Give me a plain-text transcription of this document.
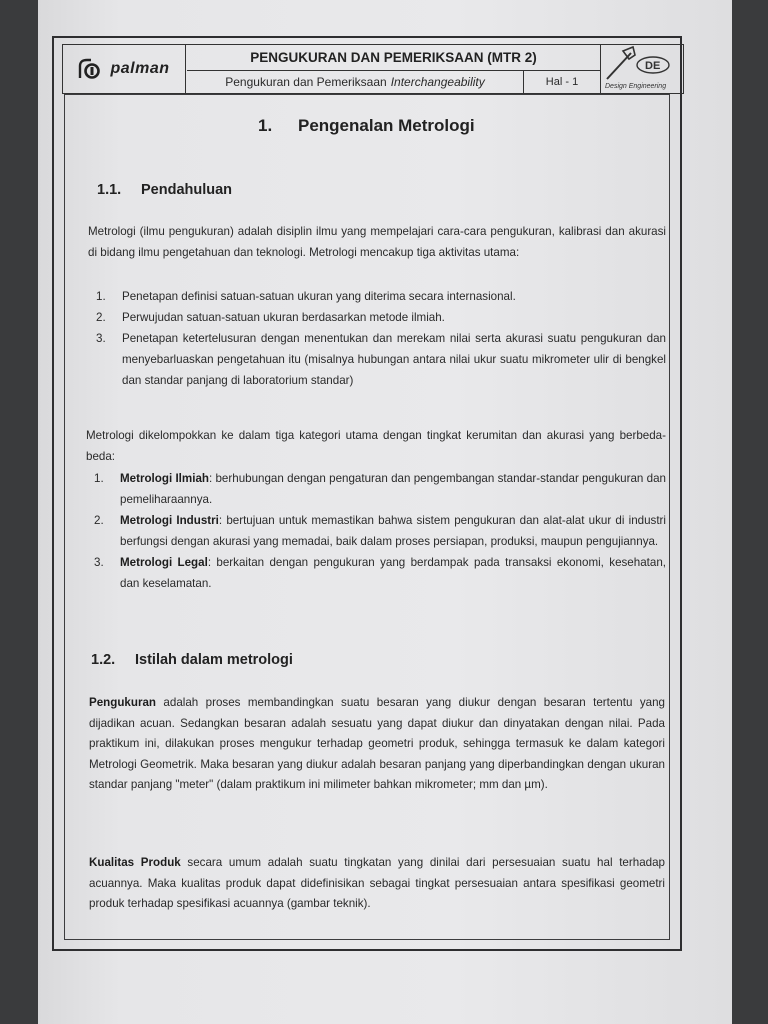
palman
PENGUKURAN DAN PEMERIKSAAN (MTR 2)
Pengukuran dan Pemeriksaan Interchangeability	Hal - 1
DE
Design Engineering
1. Pengenalan Metrologi
1.1. Pendahuluan
Metrologi (ilmu pengukuran) adalah disiplin ilmu yang mempelajari cara-cara pengukuran, kalibrasi dan akurasi di bidang ilmu pengetahuan dan teknologi. Metrologi mencakup tiga aktivitas utama:
1. Penetapan definisi satuan-satuan ukuran yang diterima secara internasional.
2. Perwujudan satuan-satuan ukuran berdasarkan metode ilmiah.
3. Penetapan ketertelusuran dengan menentukan dan merekam nilai serta akurasi suatu pengukuran dan menyebarluaskan pengetahuan itu (misalnya hubungan antara nilai ukur suatu mikrometer ulir di bengkel dan standar panjang di laboratorium standar)
Metrologi dikelompokkan ke dalam tiga kategori utama dengan tingkat kerumitan dan akurasi yang berbeda-beda:
1. Metrologi Ilmiah: berhubungan dengan pengaturan dan pengembangan standar-standar pengukuran dan pemeliharaannya.
2. Metrologi Industri: bertujuan untuk memastikan bahwa sistem pengukuran dan alat-alat ukur di industri berfungsi dengan akurasi yang memadai, baik dalam proses persiapan, produksi, maupun pengujiannya.
3. Metrologi Legal: berkaitan dengan pengukuran yang berdampak pada transaksi ekonomi, kesehatan, dan keselamatan.
1.2. Istilah dalam metrologi
Pengukuran adalah proses membandingkan suatu besaran yang diukur dengan besaran tertentu yang dijadikan acuan. Sedangkan besaran adalah sesuatu yang dapat diukur dan dinyatakan dengan nilai. Pada praktikum ini, dilakukan proses mengukur terhadap geometri produk, sehingga termasuk ke dalam kategori Metrologi Geometrik. Maka besaran yang diukur adalah besaran panjang yang diperbandingkan dengan ukuran standar panjang "meter" (dalam praktikum ini milimeter bahkan mikrometer; mm dan µm).
Kualitas Produk secara umum adalah suatu tingkatan yang dinilai dari persesuaian suatu hal terhadap acuannya. Maka kualitas produk dapat didefinisikan sebagai tingkat persesuaian antara spesifikasi geometri produk terhadap spesifikasi acuannya (gambar teknik).
